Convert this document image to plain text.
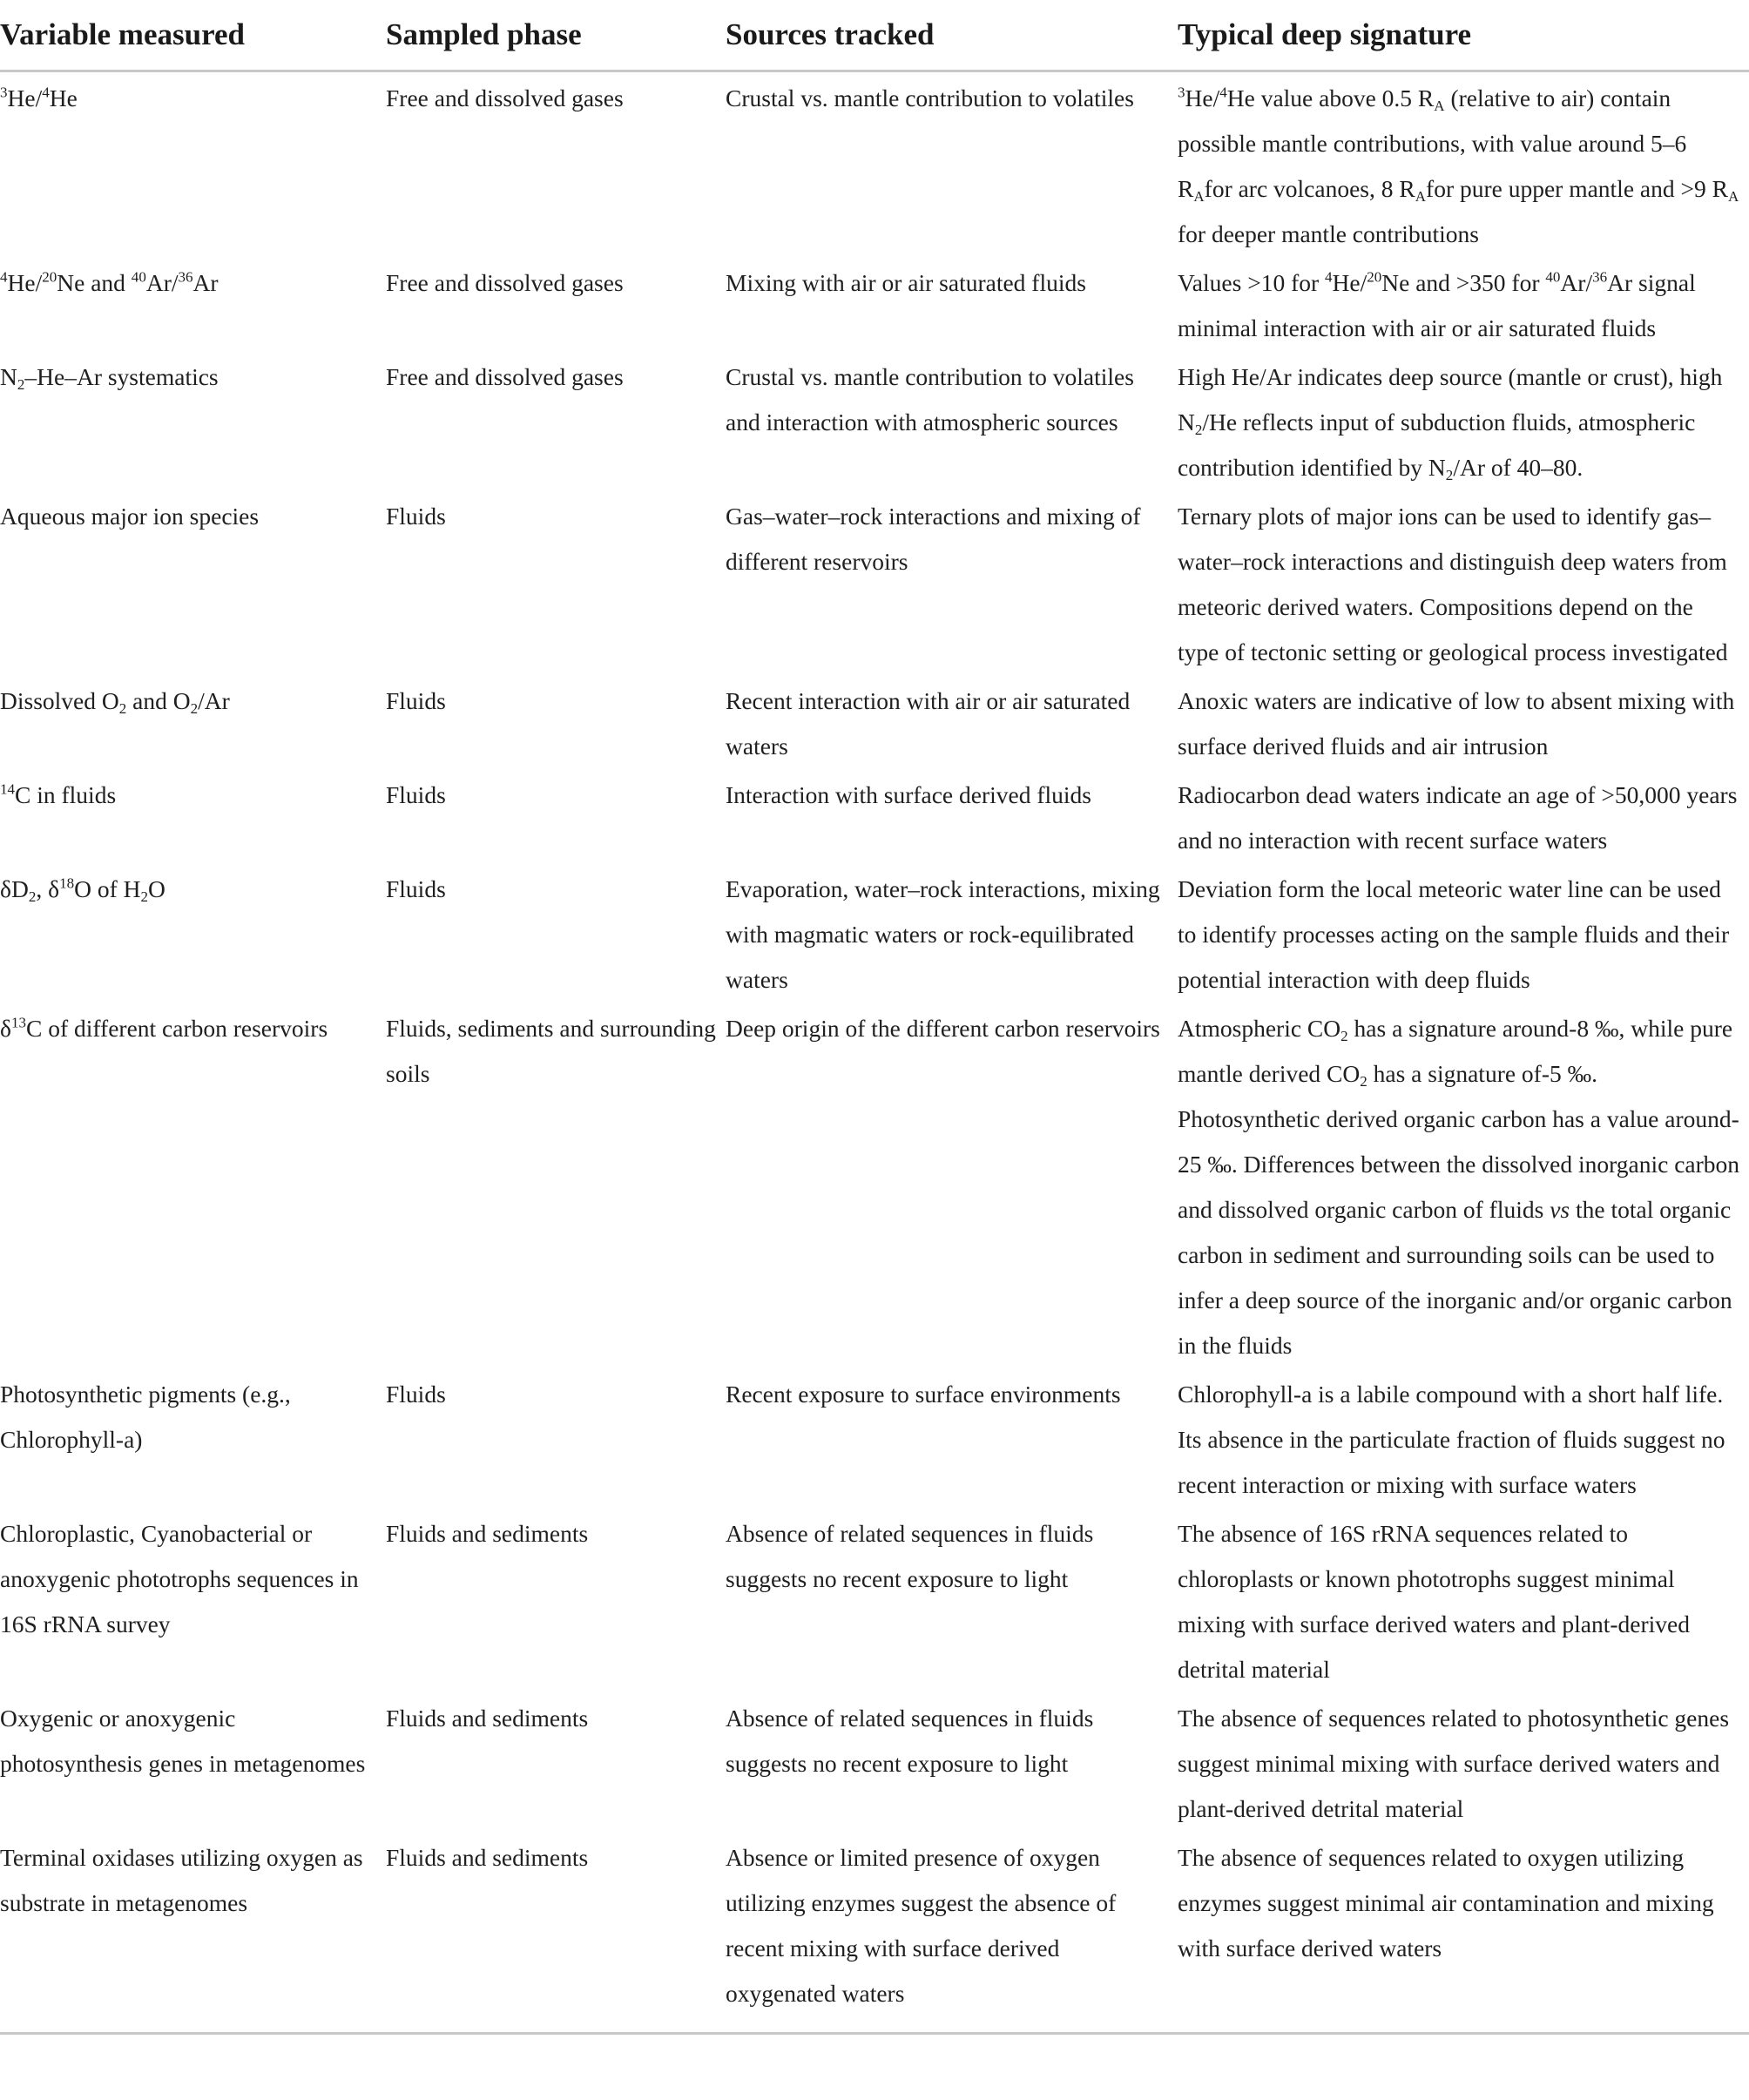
Variable measured	Sampled phase	Sources tracked	Typical deep signature
$^3$He/$^4$He	Free and dissolved gases	Crustal vs. mantle contribution to volatiles	$^3$He/$^4$He value above 0.5 $R_A$ (relative to air) contain possible mantle contributions, with value around 5–6 $R_Afor$ arc volcanoes, 8 $R_Afor$ pure upper mantle and >9 $R_A$ for deeper mantle contributions
$^4$He/$^{20}$Ne and $^{40}$Ar/$^{36}$Ar	Free and dissolved gases	Mixing with air or air saturated fluids	Values >10 for $^4$He/$^{20}$Ne and >350 for $^{40}$Ar/$^{36}$Ar signal minimal interaction with air or air saturated fluids
$N_2-He-Ar$ systematics	Free and dissolved gases	Crustal vs. mantle contribution to volatiles and interaction with atmospheric sources	High He/Ar indicates deep source (mantle or crust), high $N_2/He$ reflects input of subduction fluids, atmospheric contribution identified by $N_2/Ar$ of 40–80.
Aqueous major ion species	Fluids	Gas–water–rock interactions and mixing of different reservoirs	Ternary plots of major ions can be used to identify gas–water–rock interactions and distinguish deep waters from meteoric derived waters. Compositions depend on the type of tectonic setting or geological process investigated
Dissolved $O_2$ and $O_2/Ar$	Fluids	Recent interaction with air or air saturated waters	Anoxic waters are indicative of low to absent mixing with surface derived fluids and air intrusion
$^{14}$C in fluids	Fluids	Interaction with surface derived fluids	Radiocarbon dead waters indicate an age of >50,000 years and no interaction with recent surface waters
$\delta D_2$, $\delta^{18}O$ of $H_2O$	Fluids	Evaporation, water–rock interactions, mixing with magmatic waters or rock-equilibrated waters	Deviation form the local meteoric water line can be used to identify processes acting on the sample fluids and their potential interaction with deep fluids
$\delta^{13}C$ of different carbon reservoirs	Fluids, sediments and surrounding soils	Deep origin of the different carbon reservoirs	Atmospheric $CO_2$ has a signature around-8 ‰, while pure mantle derived $CO_2$ has a signature of-5 ‰. Photosynthetic derived organic carbon has a value around-25 ‰. Differences between the dissolved inorganic carbon and dissolved organic carbon of fluids vs the total organic carbon in sediment and surrounding soils can be used to infer a deep source of the inorganic and/or organic carbon in the fluids
Photosynthetic pigments (e.g., Chlorophyll-a)	Fluids	Recent exposure to surface environments	Chlorophyll-a is a labile compound with a short half life. Its absence in the particulate fraction of fluids suggest no recent interaction or mixing with surface waters
Chloroplastic, Cyanobacterial or anoxygenic phototrophs sequences in 16S rRNA survey	Fluids and sediments	Absence of related sequences in fluids suggests no recent exposure to light	The absence of 16S rRNA sequences related to chloroplasts or known phototrophs suggest minimal mixing with surface derived waters and plant-derived detrital material
Oxygenic or anoxygenic photosynthesis genes in metagenomes	Fluids and sediments	Absence of related sequences in fluids suggests no recent exposure to light	The absence of sequences related to photosynthetic genes suggest minimal mixing with surface derived waters and plant-derived detrital material
Terminal oxidases utilizing oxygen as substrate in metagenomes	Fluids and sediments	Absence or limited presence of oxygen utilizing enzymes suggest the absence of recent mixing with surface derived oxygenated waters	The absence of sequences related to oxygen utilizing enzymes suggest minimal air contamination and mixing with surface derived waters
